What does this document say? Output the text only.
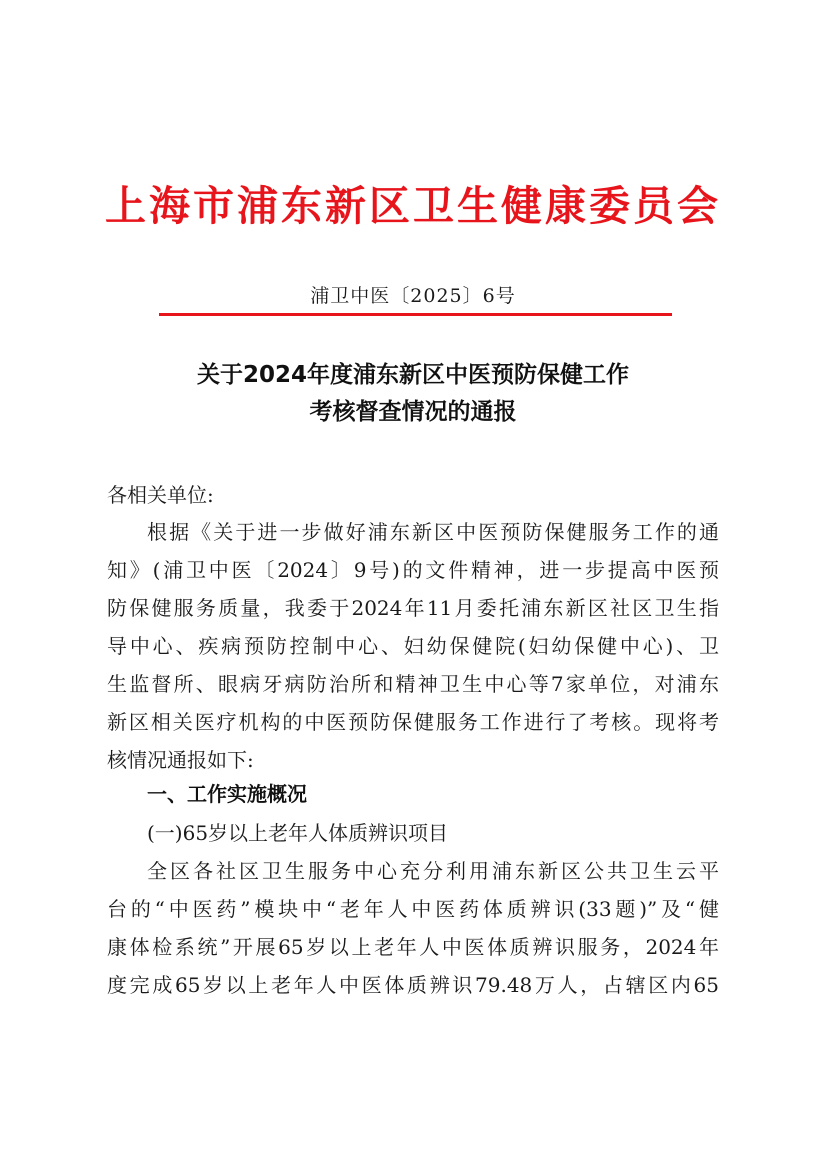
上海市浦东新区卫生健康委员会
浦卫中医〔2025〕6号
关于2024年度浦东新区中医预防保健工作
考核督查情况的通报
各相关单位:
根据《关于进一步做好浦东新区中医预防保健服务工作的通
知》(浦卫中医〔2024〕9号)的文件精神，进一步提高中医预
防保健服务质量，我委于2024年11月委托浦东新区社区卫生指
导中心、疾病预防控制中心、妇幼保健院(妇幼保健中心)、卫
生监督所、眼病牙病防治所和精神卫生中心等7家单位，对浦东
新区相关医疗机构的中医预防保健服务工作进行了考核。现将考
核情况通报如下:
一、工作实施概况
(一)65岁以上老年人体质辨识项目
全区各社区卫生服务中心充分利用浦东新区公共卫生云平
台的“中医药”模块中“老年人中医药体质辨识(33题)”及“健
康体检系统”开展65岁以上老年人中医体质辨识服务，2024年
度完成65岁以上老年人中医体质辨识79.48万人，占辖区内65
